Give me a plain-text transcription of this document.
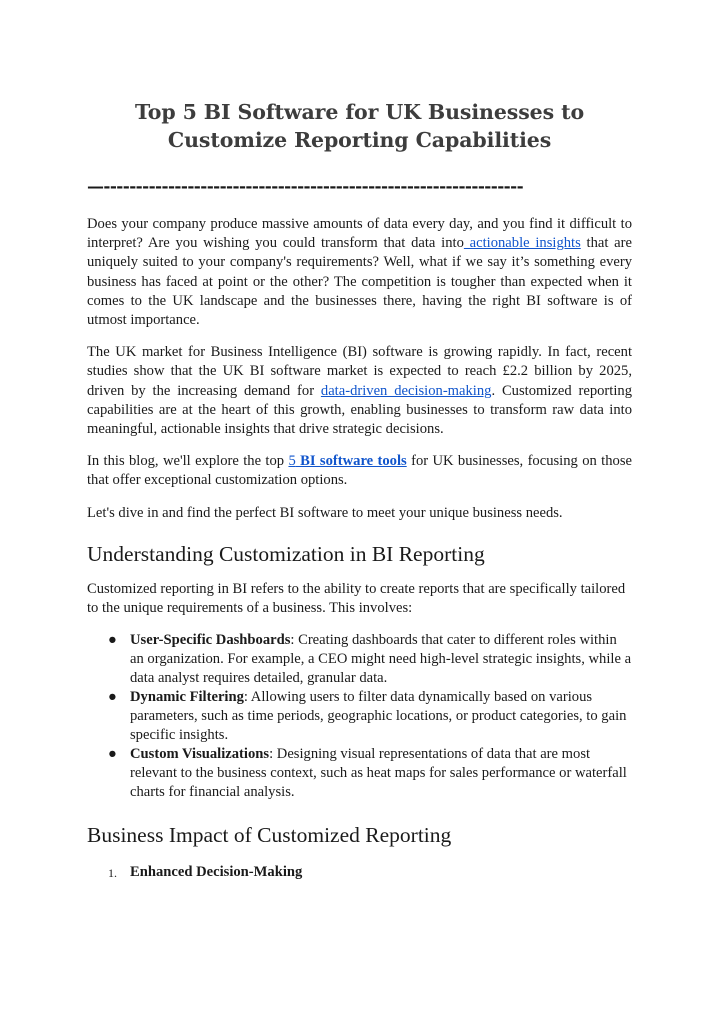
Top 5 BI Software for UK Businesses to
Customize Reporting Capabilities
—-----------------------------------------------------------------

Does your company produce massive amounts of data every day, and you find it difficult to interpret? Are you wishing you could transform that data into actionable insights that are uniquely suited to your company's requirements? Well, what if we say it’s something every business has faced at point or the other? The competition is tougher than expected when it comes to the UK landscape and the businesses there, having the right BI software is of utmost importance.

The UK market for Business Intelligence (BI) software is growing rapidly. In fact, recent studies show that the UK BI software market is expected to reach £2.2 billion by 2025, driven by the increasing demand for data-driven decision-making. Customized reporting capabilities are at the heart of this growth, enabling businesses to transform raw data into meaningful, actionable insights that drive strategic decisions.

In this blog, we'll explore the top 5 BI software tools for UK businesses, focusing on those that offer exceptional customization options.

Let's dive in and find the perfect BI software to meet your unique business needs.

Understanding Customization in BI Reporting

Customized reporting in BI refers to the ability to create reports that are specifically tailored to the unique requirements of a business. This involves:

● User-Specific Dashboards: Creating dashboards that cater to different roles within an organization. For example, a CEO might need high-level strategic insights, while a data analyst requires detailed, granular data.
● Dynamic Filtering: Allowing users to filter data dynamically based on various parameters, such as time periods, geographic locations, or product categories, to gain specific insights.
● Custom Visualizations: Designing visual representations of data that are most relevant to the business context, such as heat maps for sales performance or waterfall charts for financial analysis.
Business Impact of Customized Reporting
1. Enhanced Decision-Making
